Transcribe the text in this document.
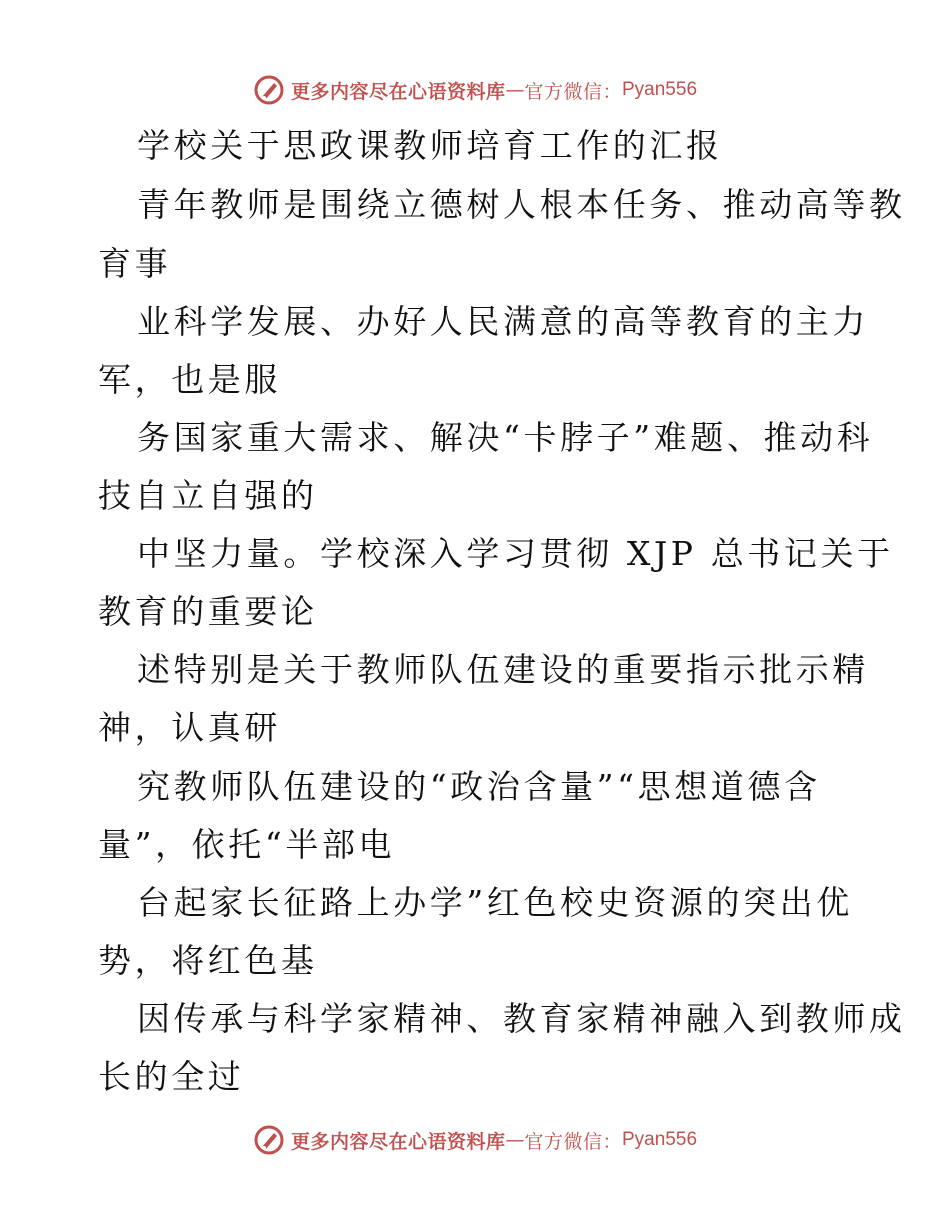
更多内容尽在心语资料库 — 官方微信： Pyan556
学校关于思政课教师培育工作的汇报
青年教师是围绕立德树人根本任务、推动高等教
育事
业科学发展、办好人民满意的高等教育的主力
军，也是服
务国家重大需求、解决“卡脖子”难题、推动科
技自立自强的
中坚力量。学校深入学习贯彻 XJP 总书记关于
教育的重要论
述特别是关于教师队伍建设的重要指示批示精
神，认真研
究教师队伍建设的“政治含量”“思想道德含
量”，依托“半部电
台起家长征路上办学”红色校史资源的突出优
势，将红色基
因传承与科学家精神、教育家精神融入到教师成
长的全过
更多内容尽在心语资料库 — 官方微信： Pyan556
